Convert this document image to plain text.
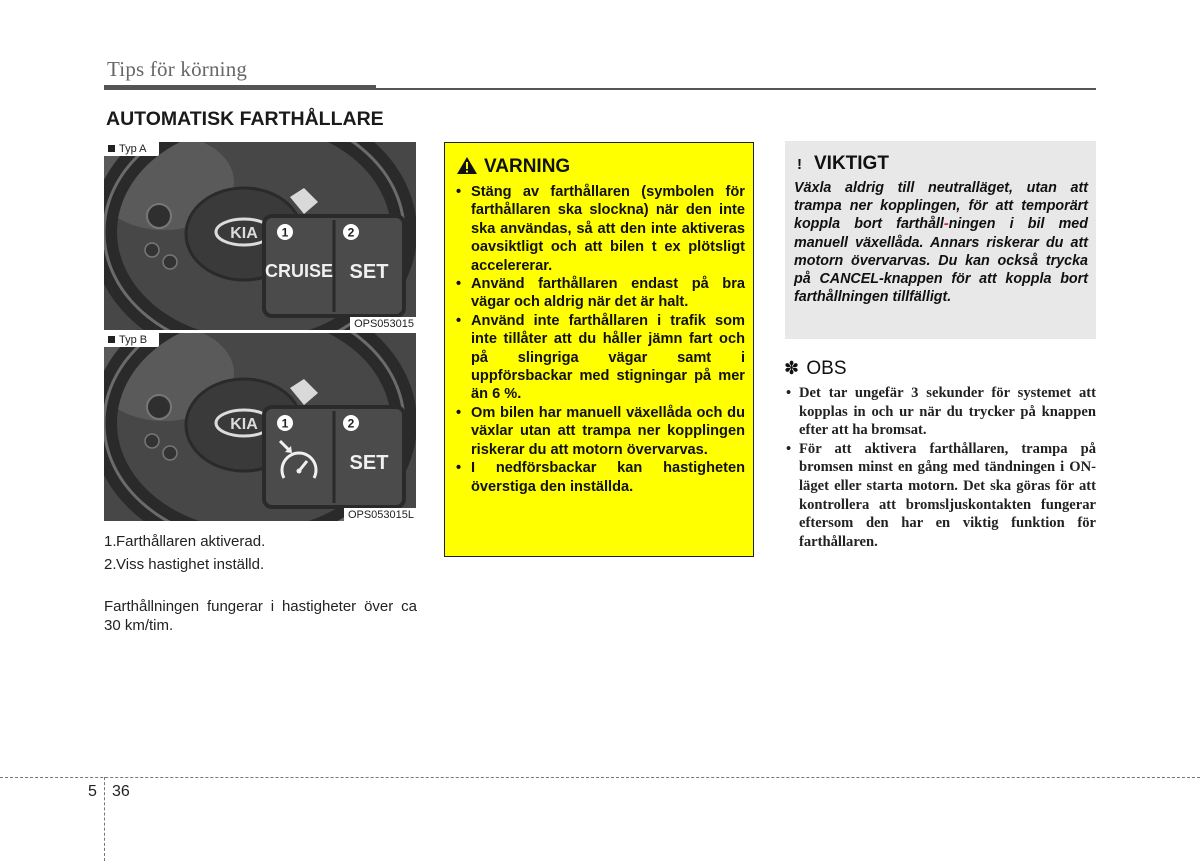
Tips för körning
AUTOMATISK FARTHÅLLARE
KIA 1	2
CRUISE SET
Typ A
OPS053015
KIA 1	2
SET
Typ B
OPS053015L
1.Farthållaren aktiverad.
2.Viss hastighet inställd.
Farthållningen fungerar i hastigheter över ca 30 km/tim.
VARNING
• Stäng av farthållaren (symbolen för farthållaren ska slockna) när den inte ska användas, så att den inte aktiveras oavsiktligt och att bilen t ex plötsligt accelererar.
• Använd farthållaren endast på bra vägar och aldrig när det är halt.
• Använd inte farthållaren i trafik som inte tillåter att du håller jämn fart och på slingriga vägar samt i uppförsbackar med stigningar på mer än 6 %.
• Om bilen har manuell växellåda och du växlar utan att trampa ner kopplingen riskerar du att motorn övervarvas.
• I nedförsbackar kan hastigheten överstiga den inställda.
! VIKTIGT
Växla aldrig till neutralläget, utan att trampa ner kopplingen, för att temporärt koppla bort farthåll-ningen i bil med manuell växellåda. Annars riskerar du att motorn övervarvas. Du kan också trycka på CANCEL-knappen för att koppla bort farthållningen tillfälligt.
✽ OBS
• Det tar ungefär 3 sekunder för systemet att kopplas in och ur när du trycker på knappen efter att ha bromsat.
• För att aktivera farthållaren, trampa på bromsen minst en gång med tändningen i ON-läget eller starta motorn. Det ska göras för att kontrollera att bromsljuskontakten fungerar eftersom den har en viktig funktion för farthållaren.
5 36
